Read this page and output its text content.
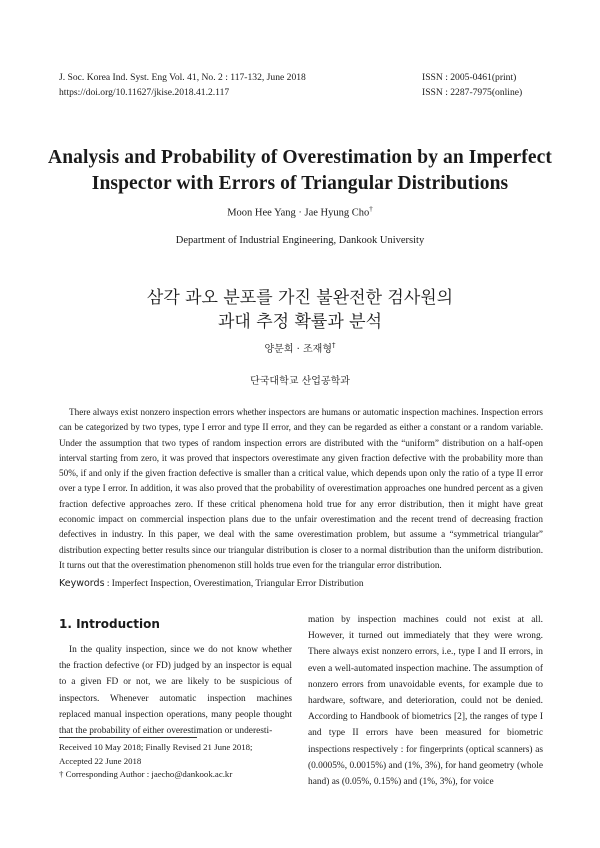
J. Soc. Korea Ind. Syst. Eng Vol. 41, No. 2 : 117-132, June 2018
https://doi.org/10.11627/jkise.2018.41.2.117
ISSN : 2005-0461(print)
ISSN : 2287-7975(online)
Analysis and Probability of Overestimation by an Imperfect
Inspector with Errors of Triangular Distributions
Moon Hee Yang · Jae Hyung Cho†
Department of Industrial Engineering, Dankook University
삼각 과오 분포를 가진 불완전한 검사원의
과대 추정 확률과 분석
양문희 · 조재형†
단국대학교 산업공학과
There always exist nonzero inspection errors whether inspectors are humans or automatic inspection machines. Inspection errors can be categorized by two types, type I error and type II error, and they can be regarded as either a constant or a random variable. Under the assumption that two types of random inspection errors are distributed with the “uniform” distribution on a half-open interval starting from zero, it was proved that inspectors overestimate any given fraction defective with the probability more than 50%, if and only if the given fraction defective is smaller than a critical value, which depends upon only the ratio of a type II error over a type I error. In addition, it was also proved that the probability of overestimation approaches one hundred percent as a given fraction defective approaches zero. If these critical phenomena hold true for any error distribution, then it might have great economic impact on commercial inspection plans due to the unfair overestimation and the recent trend of decreasing fraction defectives in industry. In this paper, we deal with the same overestimation problem, but assume a “symmetrical triangular” distribution expecting better results since our triangular distribution is closer to a normal distribution than the uniform distribution. It turns out that the overestimation phenomenon still holds true even for the triangular error distribution.
Keywords : Imperfect Inspection, Overestimation, Triangular Error Distribution
1. Introduction
In the quality inspection, since we do not know whether the fraction defective (or FD) judged by an inspector is equal to a given FD or not, we are likely to be suspicious of inspectors. Whenever automatic inspection machines replaced manual inspection operations, many people thought that the probability of either overestimation or underesti-
mation by inspection machines could not exist at all. However, it turned out immediately that they were wrong. There always exist nonzero errors, i.e., type I and II errors, in even a well-automated inspection machine. The assumption of nonzero errors from unavoidable events, for example due to hardware, software, and deterioration, could not be denied. According to Handbook of biometrics [2], the ranges of type I and type II errors have been measured for biometric inspections respectively : for fingerprints (optical scanners) as (0.0005%, 0.0015%) and (1%, 3%), for hand geometry (whole hand) as (0.05%, 0.15%) and (1%, 3%), for voice
Received 10 May 2018; Finally Revised 21 June 2018;
Accepted 22 June 2018
† Corresponding Author : jaecho@dankook.ac.kr
